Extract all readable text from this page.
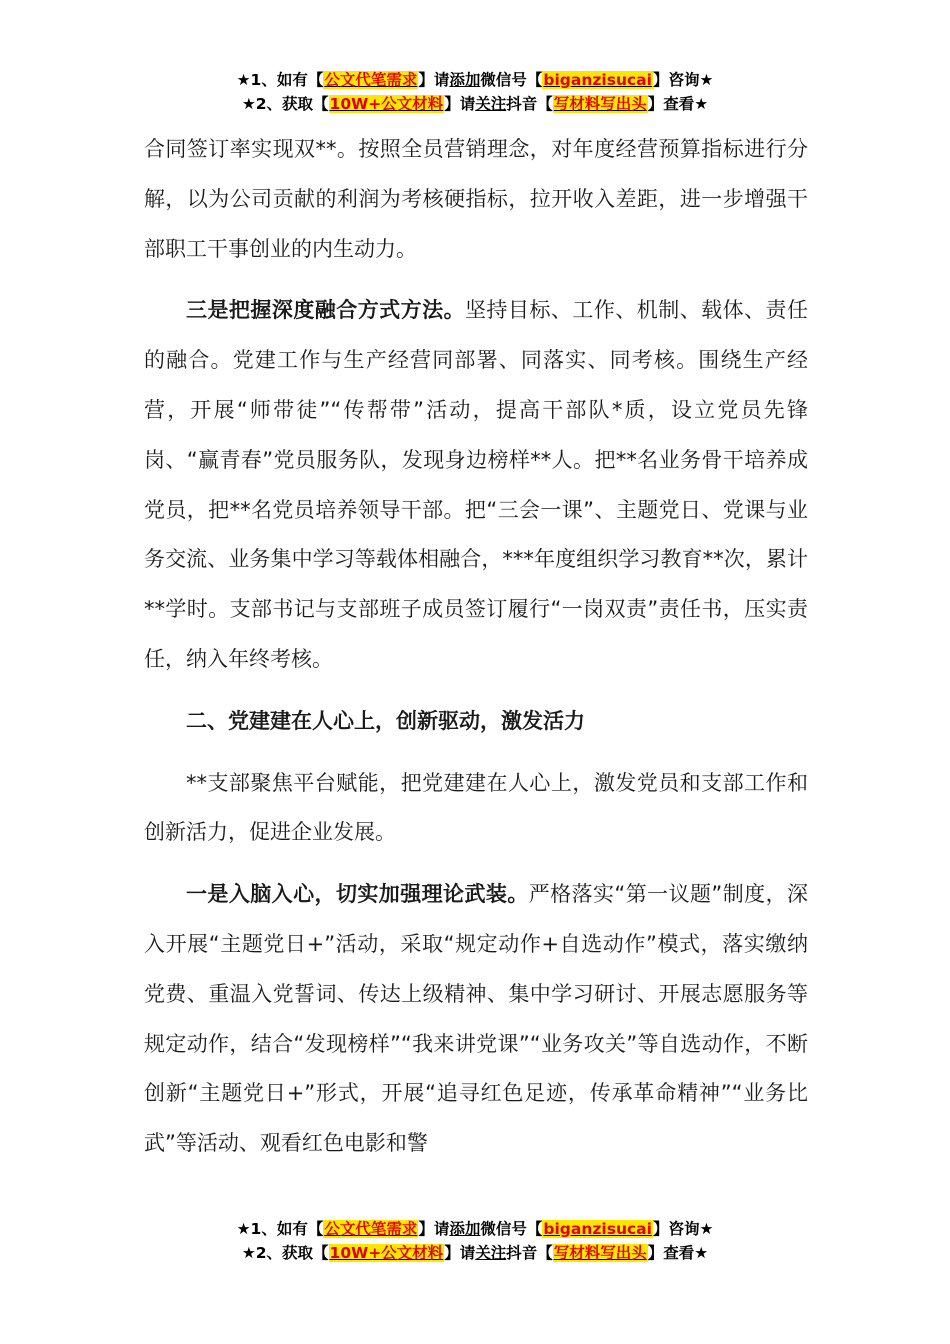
★1、如有【公文代笔需求】请添加微信号【biganzisucai】咨询★
★2、获取【10W+公文材料】请关注抖音【写材料写出头】查看★

合同签订率实现双**。按照全员营销理念，对年度经营预算指标进行分解，以为公司贡献的利润为考核硬指标，拉开收入差距，进一步增强干部职工干事创业的内生动力。

三是把握深度融合方式方法。坚持目标、工作、机制、载体、责任的融合。党建工作与生产经营同部署、同落实、同考核。围绕生产经营，开展“师带徒”“传帮带”活动，提高干部队*质，设立党员先锋岗、“赢青春”党员服务队，发现身边榜样**人。把**名业务骨干培养成党员，把**名党员培养领导干部。把“三会一课”、主题党日、党课与业务交流、业务集中学习等载体相融合，***年度组织学习教育**次，累计**学时。支部书记与支部班子成员签订履行“一岗双责”责任书，压实责任，纳入年终考核。

二、党建建在人心上，创新驱动，激发活力

**支部聚焦平台赋能，把党建建在人心上，激发党员和支部工作和创新活力，促进企业发展。

一是入脑入心，切实加强理论武装。严格落实“第一议题”制度，深入开展“主题党日+”活动，采取“规定动作+自选动作”模式，落实缴纳党费、重温入党誓词、传达上级精神、集中学习研讨、开展志愿服务等规定动作，结合“发现榜样”“我来讲党课”“业务攻关”等自选动作，不断创新“主题党日+”形式，开展“追寻红色足迹，传承革命精神”“业务比武”等活动、观看红色电影和警

★1、如有【公文代笔需求】请添加微信号【biganzisucai】咨询★
★2、获取【10W+公文材料】请关注抖音【写材料写出头】查看★
